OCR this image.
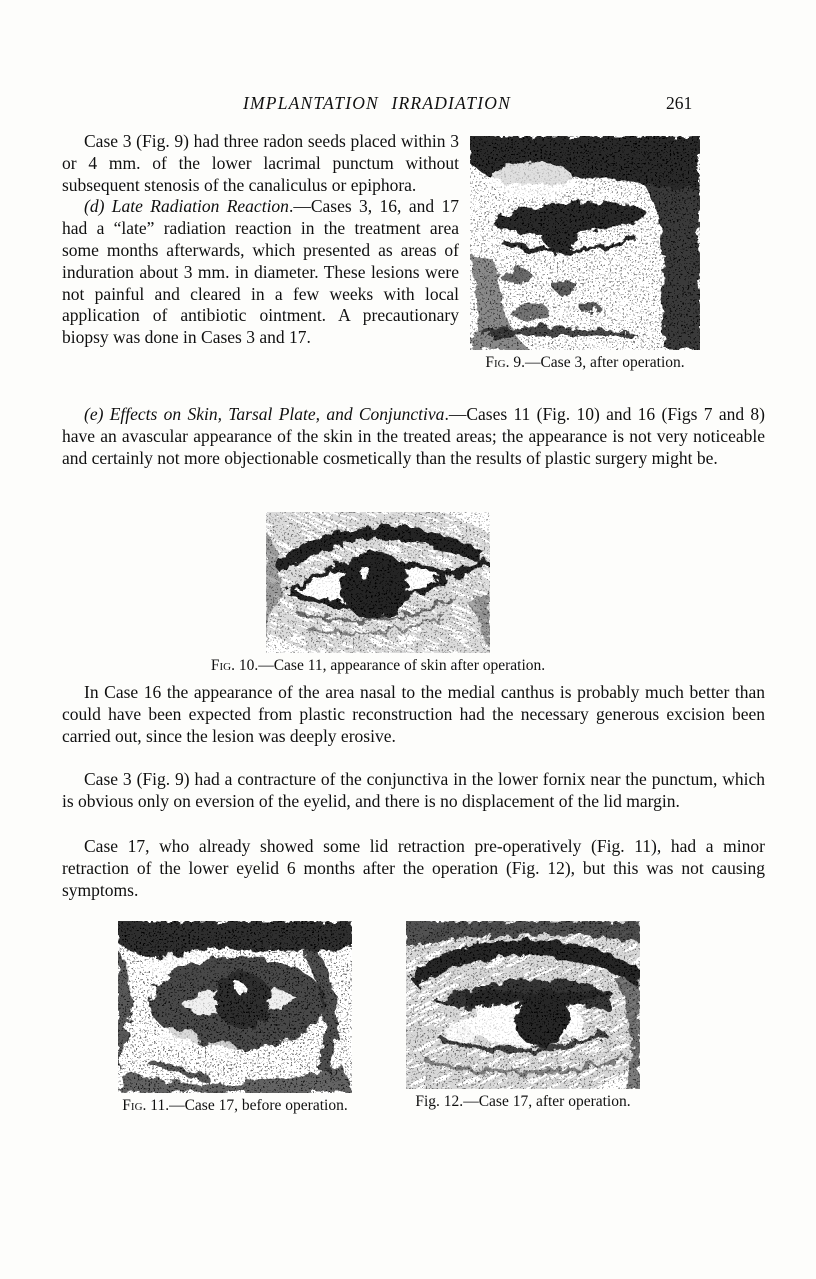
IMPLANTATION IRRADIATION	261

Case 3 (Fig. 9) had three radon seeds placed within 3 or 4 mm. of the lower lacrimal punctum without subsequent stenosis of the canaliculus or epiphora.

(d) Late Radiation Reaction.—Cases 3, 16, and 17 had a “late” radiation reaction in the treatment area some months afterwards, which presented as areas of induration about 3 mm. in diameter. These lesions were not painful and cleared in a few weeks with local application of antibiotic ointment. A precautionary biopsy was done in Cases 3 and 17.

Fig. 9.—Case 3, after operation.

(e) Effects on Skin, Tarsal Plate, and Conjunctiva.—Cases 11 (Fig. 10) and 16 (Figs 7 and 8) have an avascular appearance of the skin in the treated areas; the appearance is not very noticeable and certainly not more objectionable cosmetically than the results of plastic surgery might be.

Fig. 10.—Case 11, appearance of skin after operation.

In Case 16 the appearance of the area nasal to the medial canthus is probably much better than could have been expected from plastic reconstruction had the necessary generous excision been carried out, since the lesion was deeply erosive.

Case 3 (Fig. 9) had a contracture of the conjunctiva in the lower fornix near the punctum, which is obvious only on eversion of the eyelid, and there is no displacement of the lid margin.

Case 17, who already showed some lid retraction pre-operatively (Fig. 11), had a minor retraction of the lower eyelid 6 months after the operation (Fig. 12), but this was not causing symptoms.

Fig. 11.—Case 17, before operation.	Fig. 12.—Case 17, after operation.
